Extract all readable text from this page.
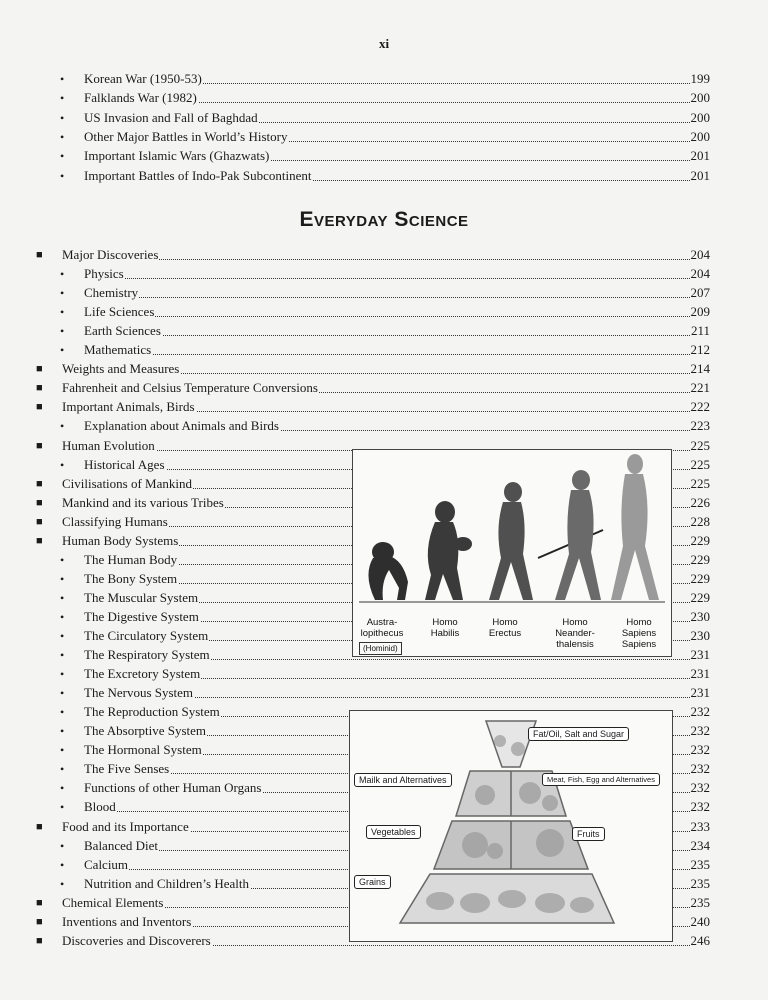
xi
• Korean War (1950-53)	199
• Falklands War (1982)	200
• US Invasion and Fall of Baghdad	200
• Other Major Battles in World’s History	200
• Important Islamic Wars (Ghazwats)	201
• Important Battles of Indo-Pak Subcontinent	201
Everyday Science
■ Major Discoveries	204
• Physics	204
• Chemistry	207
• Life Sciences	209
• Earth Sciences	211
• Mathematics	212
■ Weights and Measures	214
■ Fahrenheit and Celsius Temperature Conversions	221
■ Important Animals, Birds	222
• Explanation about Animals and Birds	223
■ Human Evolution	225
• Historical Ages	225
■ Civilisations of Mankind	225
■ Mankind and its various Tribes	226
■ Classifying Humans	228
■ Human Body Systems	229
• The Human Body	229
• The Bony System	229
• The Muscular System	229
• The Digestive System	230
• The Circulatory System	230
• The Respiratory System	231
• The Excretory System	231
• The Nervous System	231
• The Reproduction System	232
• The Absorptive System	232
• The Hormonal System	232
• The Five Senses	232
• Functions of other Human Organs	232
• Blood	232
■ Food and its Importance	233
• Balanced Diet	234
• Calcium	235
• Nutrition and Children’s Health	235
■ Chemical Elements	235
■ Inventions and Inventors	240
■ Discoveries and Discoverers	246
Austra-
lopithecus
(Hominid)
Homo
Habilis
Homo
Erectus
Homo
Neander-
thalensis
Homo
Sapiens
Sapiens
Fat/Oil, Salt and Sugar
Mailk and Alternatives	Meat, Fish, Egg and Alternatives
Vegetables	Fruits
Grains
